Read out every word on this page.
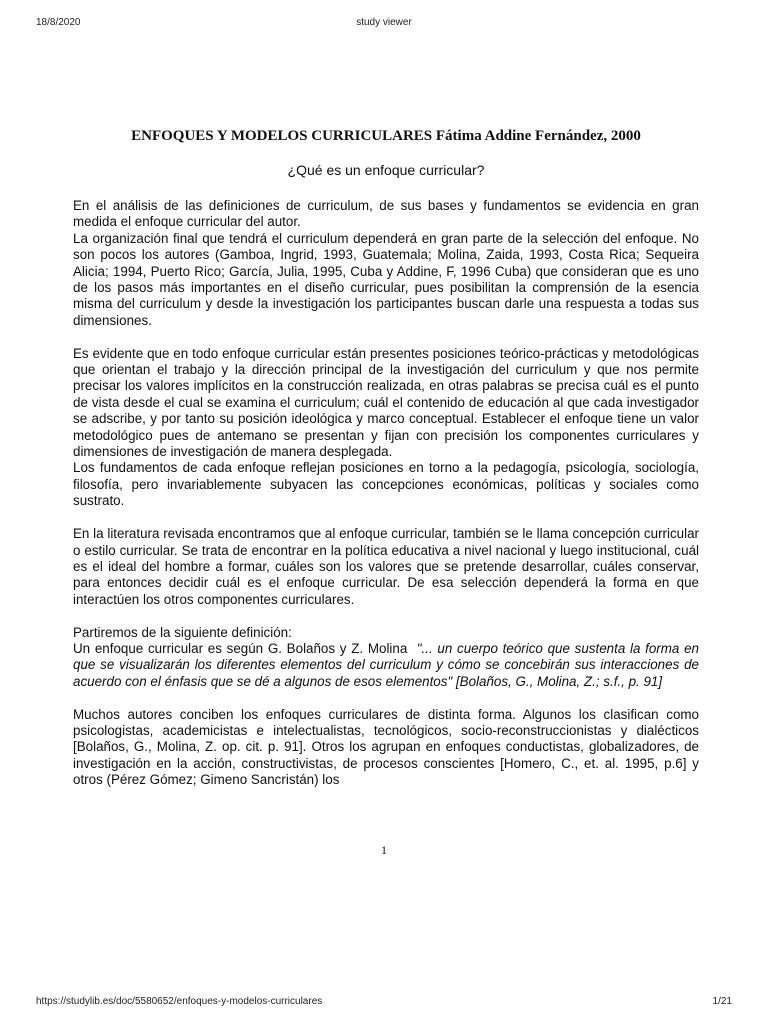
18/8/2020	study viewer
ENFOQUES Y MODELOS CURRICULARES Fátima Addine Fernández, 2000
¿Qué es un enfoque curricular?

En el análisis de las definiciones de curriculum, de sus bases y fundamentos se evidencia en gran medida el enfoque curricular del autor.

La organización final que tendrá el curriculum dependerá en gran parte de la selección del enfoque. No son pocos los autores (Gamboa, Ingrid, 1993, Guatemala; Molina, Zaida, 1993, Costa Rica; Sequeira Alicia; 1994, Puerto Rico; García, Julia, 1995, Cuba y Addine, F, 1996 Cuba) que consideran que es uno de los pasos más importantes en el diseño curricular, pues posibilitan la comprensión de la esencia misma del curriculum y desde la investigación los participantes buscan darle una respuesta a todas sus dimensiones.

Es evidente que en todo enfoque curricular están presentes posiciones teórico-prácticas y metodológicas que orientan el trabajo y la dirección principal de la investigación del curriculum y que nos permite precisar los valores implícitos en la construcción realizada, en otras palabras se precisa cuál es el punto de vista desde el cual se examina el curriculum; cuál el contenido de educación al que cada investigador se adscribe, y por tanto su posición ideológica y marco conceptual. Establecer el enfoque tiene un valor metodológico pues de antemano se presentan y fijan con precisión los componentes curriculares y dimensiones de investigación de manera desplegada.

Los fundamentos de cada enfoque reflejan posiciones en torno a la pedagogía, psicología, sociología, filosofía, pero invariablemente subyacen las concepciones económicas, políticas y sociales como sustrato.

En la literatura revisada encontramos que al enfoque curricular, también se le llama concepción curricular o estilo curricular. Se trata de encontrar en la política educativa a nivel nacional y luego institucional, cuál es el ideal del hombre a formar, cuáles son los valores que se pretende desarrollar, cuáles conservar, para entonces decidir cuál es el enfoque curricular. De esa selección dependerá la forma en que interactúen los otros componentes curriculares.

Partiremos de la siguiente definición:

Un enfoque curricular es según G. Bolaños y Z. Molina "... un cuerpo teórico que sustenta la forma en que se visualizarán los diferentes elementos del curriculum y cómo se concebirán sus interacciones de acuerdo con el énfasis que se dé a algunos de esos elementos" [Bolaños, G., Molina, Z.; s.f., p. 91]

Muchos autores conciben los enfoques curriculares de distinta forma. Algunos los clasifican como psicologistas, academicistas e intelectualistas, tecnológicos, socio-reconstruccionistas y dialécticos [Bolaños, G., Molina, Z. op. cit. p. 91]. Otros los agrupan en enfoques conductistas, globalizadores, de investigación en la acción, constructivistas, de procesos conscientes [Homero, C., et. al. 1995, p.6] y otros (Pérez Gómez; Gimeno Sancristán) los

1
https://studylib.es/doc/5580652/enfoques-y-modelos-curriculares	1/21
